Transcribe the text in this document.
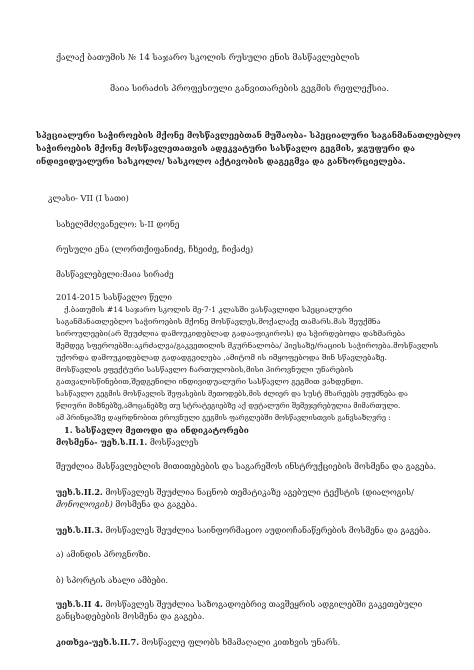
ქალაქ ბათუმის № 14 საჯარო სკოლის რუსული ენის მასწავლებლის
მაია სირაძის პროფესიული განვითარების გეგმის რეფლექსია.
სპეციალური საჭიროების მქონე მოსწავლეებთან მუშაობა- სპეციალური საგანმანათლებლო
საჭიროების მქონე მოსწავლეთათვის ადეკვატური სასწავლო გეგმის, ჯგუფური და
ინდივიდუალური სასკოლო/ სასკოლო აქტივობის დაგეგმვა და განხორციელება.
კლასი- VII (I სათი)
სახელმძღვანელო: ს-II დონე
რუსული ენა (ლორთქიფანიძე, ჩხეიძე, ჩიქაძე)
მასწავლებელი:მაია სირაძე
2014-2015 სასწავლო წელი
ქ.ბათუმის #14 საჯარო სკოლის მე-7-1 კლასში ვასწავლიდი სპეციალური
საგანმანათლებლო საჭიროების მქონე მოსწავლეს,მოქალაქე თამარს.მას შეუქმნა
სიროულეები(არ შეუძლია დამოუკიდებლად გადააფიკიროს) და სჭირდებოდა დახმარება
შემდეგ სფეროებში:აკრძალვა/გაკვეთილის მკურნალობა/ პიესაზე/რაციის საჭიროება.მოსწავლის
უქორდა დამოუკიდებლად გადადგვილება ,ამიტომ ის იმყოფებოდა შინ სწავლებაზე.
მოსწავლის ეფექტური სასწავლო ჩართულობის,მისი პიროვნული უნარების
გათვალისწინებით,შედგენილი ინდივიდუალური სასწავლო გეგმით ვახდენდი.
სასწავლო გეგმის მოსწავლის შეფასების მეთოდებს,მის ძლიერ და სუსტ მხარეებს ეფუძნება და
წლიური მიზნებზე,ამოცანებზე თუ სტრატეგიებზე აქ დეტალური შემეჯერებულია მიმართული.
ამ პრინციპზე დაყრდნობით ეროვნული გეგმის ფარგლებში მოსწავლისთვის განვსაზღვრე :
1. სასწავლო მეთოდი და ინდიკატორები
მოსმენა- უეხ.ს.II.1. მოსწავლეს
შეუძლია მასწავლებლის მითითებების და საგარეშოს ინსტრუქციების მოსმენა და გაგება.
უეხ.ს.II.2. მოსწავლეს შეუძლია ნაცნობ თემატიკაზე აგებული ტექსტის (დიალოგის/
მონოლოგის) მოსმენა და გაგება.
უეხ.ს.II.3. მოსწავლეს შეუძლია საინფორმაციო აუდიოჩანაწერების მოსმენა და გაგება.
ა) ამინდის პროგნოზი.
ბ) სპორტის ახალი ამბები.
უეხ.ს.II 4. მოსწავლეს შეუძლია საზოგადოებრივ თავშეყრის ადგილებში გაკეთებული
განცხადებების მოსმენა და გაგება.
კითხვა-უეხ.ს.II.7. მოსწავლე ფლობს ხმამაღალი კითხვის უნარს.
